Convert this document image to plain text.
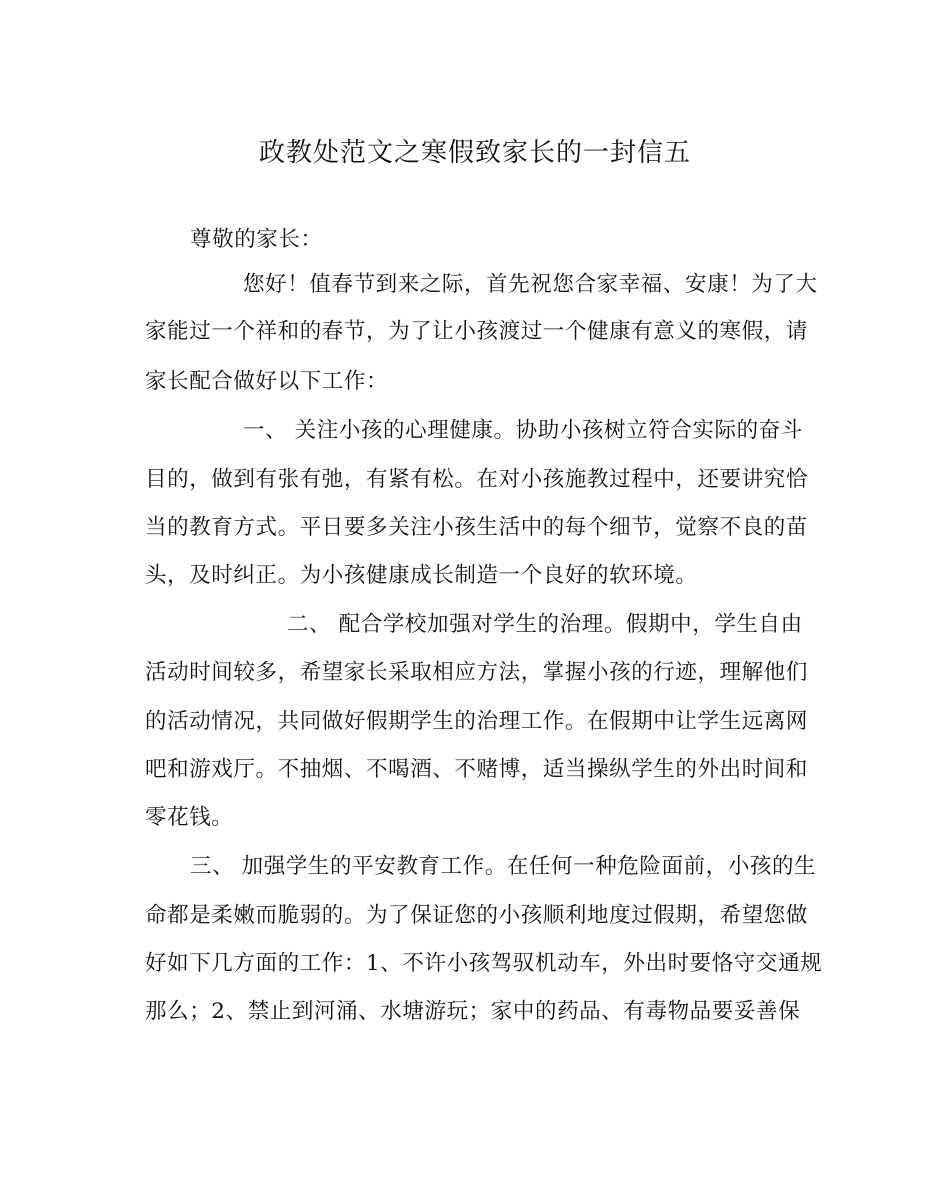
政教处范文之寒假致家长的一封信五
尊敬的家长：
您好！值春节到来之际，首先祝您合家幸福、安康！为了大
家能过一个祥和的春节，为了让小孩渡过一个健康有意义的寒假，请
家长配合做好以下工作：
一、 关注小孩的心理健康。协助小孩树立符合实际的奋斗
目的，做到有张有弛，有紧有松。在对小孩施教过程中，还要讲究恰
当的教育方式。平日要多关注小孩生活中的每个细节，觉察不良的苗
头，及时纠正。为小孩健康成长制造一个良好的软环境。
二、 配合学校加强对学生的治理。假期中，学生自由
活动时间较多，希望家长采取相应方法，掌握小孩的行迹，理解他们
的活动情况，共同做好假期学生的治理工作。在假期中让学生远离网
吧和游戏厅。不抽烟、不喝酒、不赌博，适当操纵学生的外出时间和
零花钱。
三、 加强学生的平安教育工作。在任何一种危险面前，小孩的生
命都是柔嫩而脆弱的。为了保证您的小孩顺利地度过假期，希望您做
好如下几方面的工作：1、不许小孩驾驭机动车，外出时要恪守交通规
那么；2、禁止到河涌、水塘游玩；家中的药品、有毒物品要妥善保
